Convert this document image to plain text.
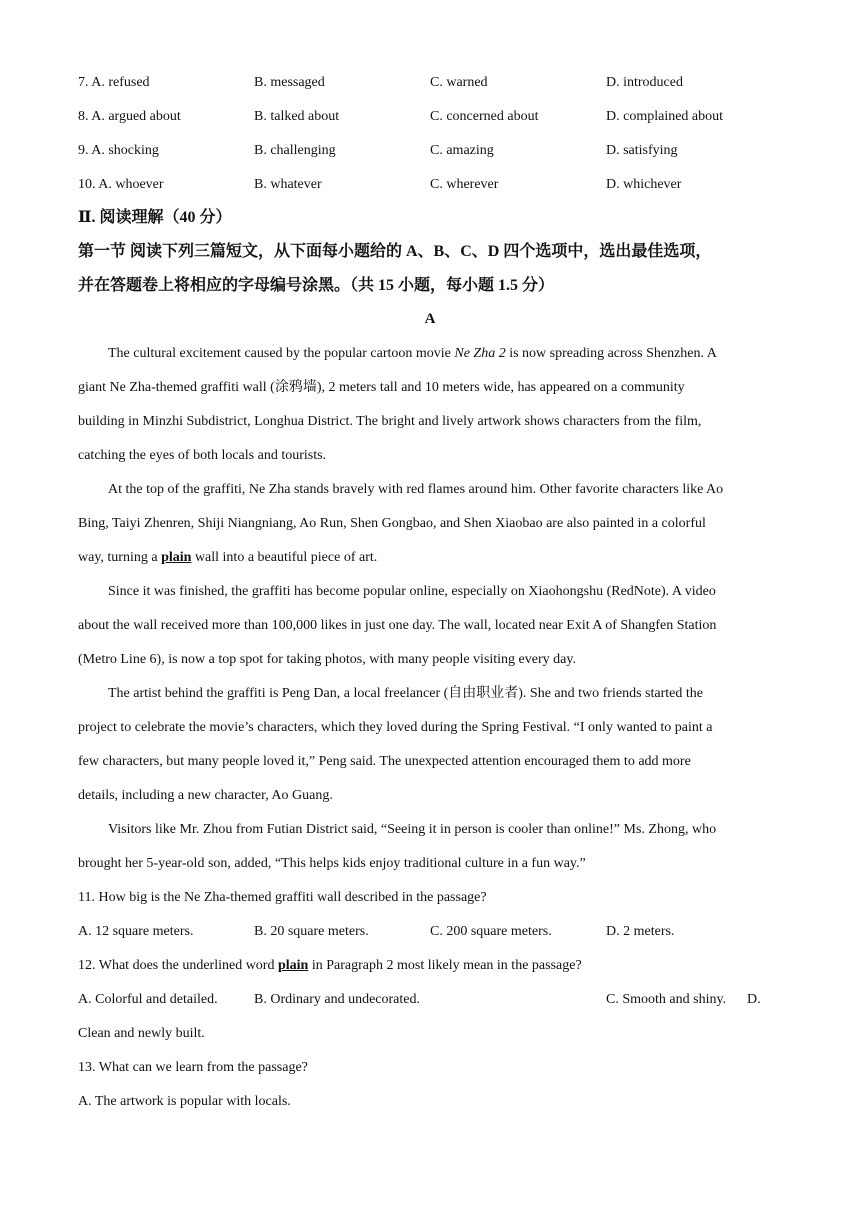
7. A. refused	B. messaged	C. warned	D. introduced
8. A. argued about	B. talked about	C. concerned about	D. complained about
9. A. shocking	B. challenging	C. amazing	D. satisfying
10. A. whoever	B. whatever	C. wherever	D. whichever
Ⅱ. 阅读理解（40 分）
第一节 阅读下列三篇短文，从下面每小题给的 A、B、C、D 四个选项中，选出最佳选项，
并在答题卷上将相应的字母编号涂黑。（共 15 小题，每小题 1.5 分）
A
The cultural excitement caused by the popular cartoon movie Ne Zha 2 is now spreading across Shenzhen. A
giant Ne Zha-themed graffiti wall (涂鸦墙), 2 meters tall and 10 meters wide, has appeared on a community
building in Minzhi Subdistrict, Longhua District. The bright and lively artwork shows characters from the film,
catching the eyes of both locals and tourists.
At the top of the graffiti, Ne Zha stands bravely with red flames around him. Other favorite characters like Ao
Bing, Taiyi Zhenren, Shiji Niangniang, Ao Run, Shen Gongbao, and Shen Xiaobao are also painted in a colorful
way, turning a plain wall into a beautiful piece of art.
Since it was finished, the graffiti has become popular online, especially on Xiaohongshu (RedNote). A video
about the wall received more than 100,000 likes in just one day. The wall, located near Exit A of Shangfen Station
(Metro Line 6), is now a top spot for taking photos, with many people visiting every day.
The artist behind the graffiti is Peng Dan, a local freelancer (自由职业者). She and two friends started the
project to celebrate the movie’s characters, which they loved during the Spring Festival. “I only wanted to paint a
few characters, but many people loved it,” Peng said. The unexpected attention encouraged them to add more
details, including a new character, Ao Guang.
Visitors like Mr. Zhou from Futian District said, “Seeing it in person is cooler than online!” Ms. Zhong, who
brought her 5-year-old son, added, “This helps kids enjoy traditional culture in a fun way.”
11. How big is the Ne Zha-themed graffiti wall described in the passage?
A. 12 square meters.	B. 20 square meters.	C. 200 square meters.	D. 2 meters.
12. What does the underlined word plain in Paragraph 2 most likely mean in the passage?
A. Colorful and detailed.	B. Ordinary and undecorated.	C. Smooth and shiny. D.
Clean and newly built.
13. What can we learn from the passage?
A. The artwork is popular with locals.
